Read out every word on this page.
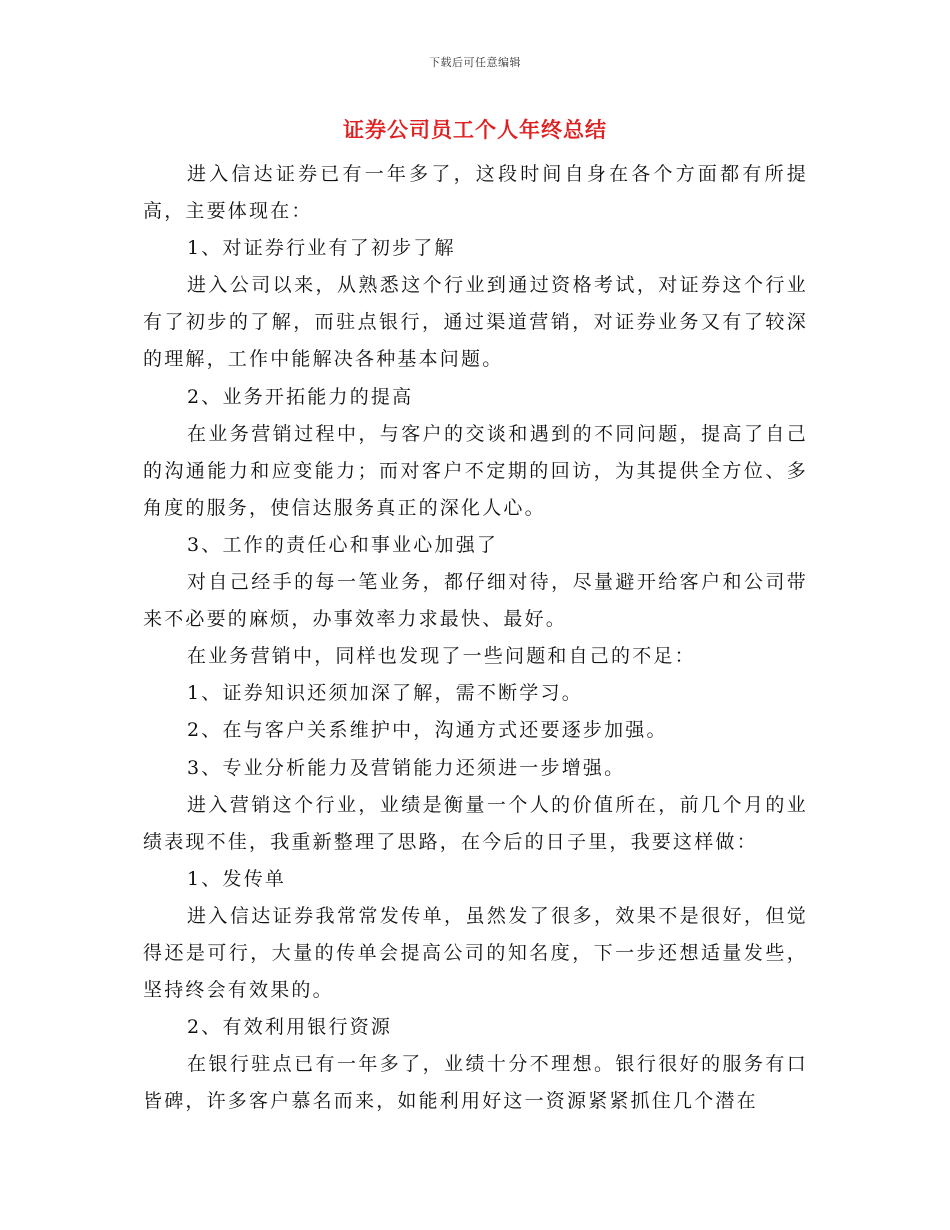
下载后可任意编辑
证券公司员工个人年终总结

进入信达证券已有一年多了，这段时间自身在各个方面都有所提高，主要体现在：

1、对证券行业有了初步了解

进入公司以来，从熟悉这个行业到通过资格考试，对证券这个行业有了初步的了解，而驻点银行，通过渠道营销，对证券业务又有了较深的理解，工作中能解决各种基本问题。

2、业务开拓能力的提高

在业务营销过程中，与客户的交谈和遇到的不同问题，提高了自己的沟通能力和应变能力；而对客户不定期的回访，为其提供全方位、多角度的服务，使信达服务真正的深化人心。

3、工作的责任心和事业心加强了

对自己经手的每一笔业务，都仔细对待，尽量避开给客户和公司带来不必要的麻烦，办事效率力求最快、最好。

在业务营销中，同样也发现了一些问题和自己的不足：

1、证券知识还须加深了解，需不断学习。

2、在与客户关系维护中，沟通方式还要逐步加强。

3、专业分析能力及营销能力还须进一步增强。

进入营销这个行业，业绩是衡量一个人的价值所在，前几个月的业绩表现不佳，我重新整理了思路，在今后的日子里，我要这样做：

1、发传单

进入信达证券我常常发传单，虽然发了很多，效果不是很好，但觉得还是可行，大量的传单会提高公司的知名度，下一步还想适量发些，坚持终会有效果的。

2、有效利用银行资源

在银行驻点已有一年多了，业绩十分不理想。银行很好的服务有口皆碑，许多客户慕名而来，如能利用好这一资源紧紧抓住几个潜在
